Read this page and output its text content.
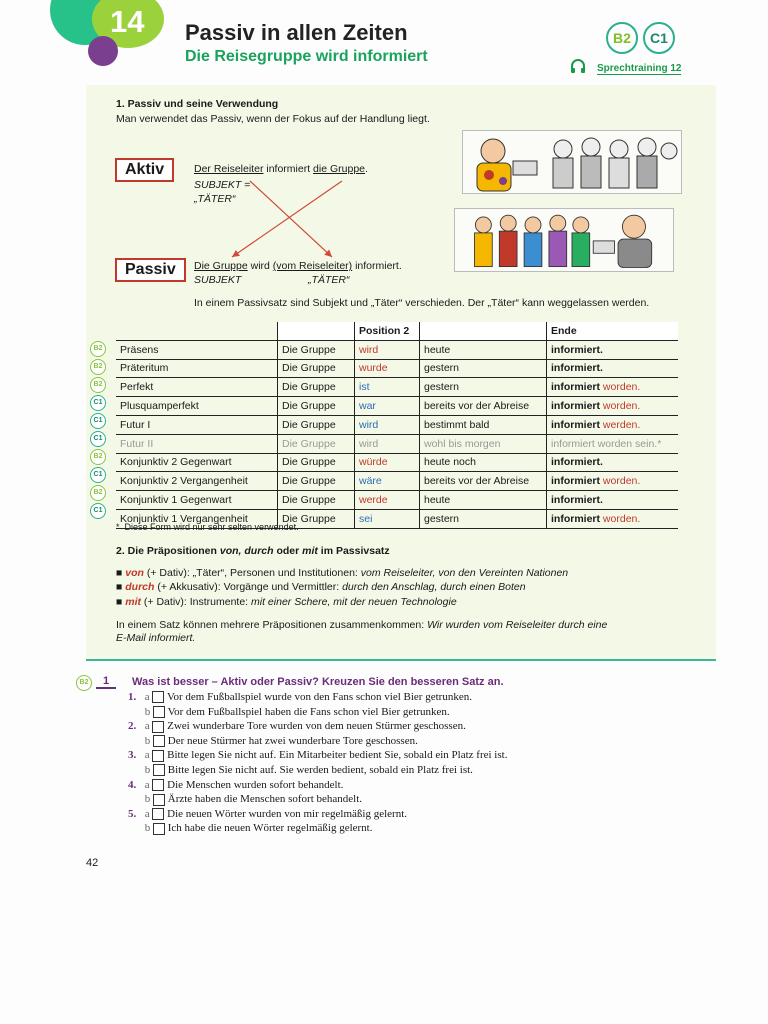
14 Passiv in allen Zeiten
Die Reisegruppe wird informiert
B2	C1
Sprechtraining 12
1. Passiv und seine Verwendung
Man verwendet das Passiv, wenn der Fokus auf der Handlung liegt.
Aktiv	Der Reiseleiter informiert die Gruppe.
SUBJEKT =
„TÄTER“
Passiv	Die Gruppe wird (vom Reiseleiter) informiert.
SUBJEKT	„TÄTER“
In einem Passivsatz sind Subjekt und „Täter“ verschieden. Der „Täter“ kann weggelassen werden.
B2
B2
B2
C1
C1
C1
B2
C1
B2
C1
		Position 2		Ende
Präsens	Die Gruppe	wird	heute	informiert.
Präteritum	Die Gruppe	wurde	gestern	informiert.
Perfekt	Die Gruppe	ist	gestern	informiert worden.
Plusquamperfekt	Die Gruppe	war	bereits vor der Abreise	informiert worden.
Futur I	Die Gruppe	wird	bestimmt bald	informiert werden.
Futur II	Die Gruppe	wird	wohl bis morgen	informiert worden sein.*
Konjunktiv 2 Gegenwart	Die Gruppe	würde	heute noch	informiert.
Konjunktiv 2 Vergangenheit	Die Gruppe	wäre	bereits vor der Abreise	informiert worden.
Konjunktiv 1 Gegenwart	Die Gruppe	werde	heute	informiert.
Konjunktiv 1 Vergangenheit	Die Gruppe	sei	gestern	informiert worden.
*  Diese Form wird nur sehr selten verwendet.
2. Die Präpositionen von, durch oder mit im Passivsatz
■ von (+ Dativ): „Täter“, Personen und Institutionen: vom Reiseleiter, von den Vereinten Nationen
■ durch (+ Akkusativ): Vorgänge und Vermittler: durch den Anschlag, durch einen Boten
■ mit (+ Dativ): Instrumente: mit einer Schere, mit der neuen Technologie
In einem Satz können mehrere Präpositionen zusammenkommen: Wir wurden vom Reiseleiter durch eine
E-Mail informiert.
B2	1	Was ist besser – Aktiv oder Passiv? Kreuzen Sie den besseren Satz an.
1. a Vor dem Fußballspiel wurde von den Fans schon viel Bier getrunken.
b Vor dem Fußballspiel haben die Fans schon viel Bier getrunken.
2. a Zwei wunderbare Tore wurden von dem neuen Stürmer geschossen.
b Der neue Stürmer hat zwei wunderbare Tore geschossen.
3. a Bitte legen Sie nicht auf. Ein Mitarbeiter bedient Sie, sobald ein Platz frei ist.
b Bitte legen Sie nicht auf. Sie werden bedient, sobald ein Platz frei ist.
4. a Die Menschen wurden sofort behandelt.
b Ärzte haben die Menschen sofort behandelt.
5. a Die neuen Wörter wurden von mir regelmäßig gelernt.
b Ich habe die neuen Wörter regelmäßig gelernt.
42
